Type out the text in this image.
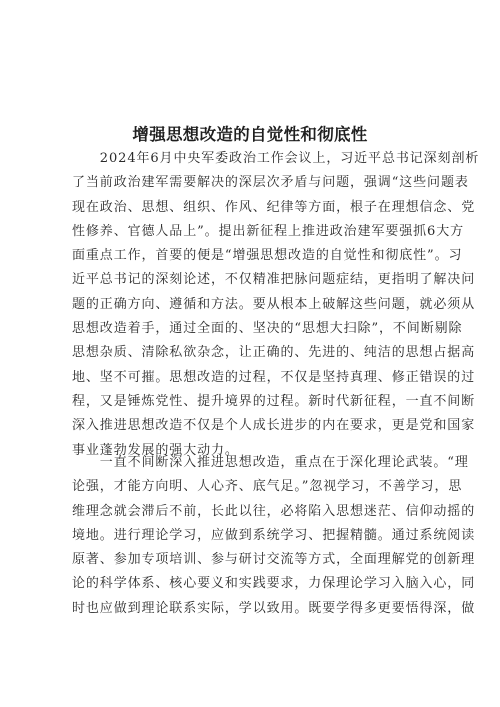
增强思想改造的自觉性和彻底性
　　2024年6月中央军委政治工作会议上，习近平总书记深刻剖析
了当前政治建军需要解决的深层次矛盾与问题，强调“这些问题表
现在政治、思想、组织、作风、纪律等方面，根子在理想信念、党
性修养、官德人品上”。提出新征程上推进政治建军要强抓6大方
面重点工作，首要的便是“增强思想改造的自觉性和彻底性”。习
近平总书记的深刻论述，不仅精准把脉问题症结，更指明了解决问
题的正确方向、遵循和方法。要从根本上破解这些问题，就必须从
思想改造着手，通过全面的、坚决的“思想大扫除”，不间断剔除
思想杂质、清除私欲杂念，让正确的、先进的、纯洁的思想占据高
地、坚不可摧。思想改造的过程，不仅是坚持真理、修正错误的过
程，又是锤炼党性、提升境界的过程。新时代新征程，一直不间断
深入推进思想改造不仅是个人成长进步的内在要求，更是党和国家
事业蓬勃发展的强大动力。
　　一直不间断深入推进思想改造，重点在于深化理论武装。“理
论强，才能方向明、人心齐、底气足。”忽视学习，不善学习，思
维理念就会滞后不前，长此以往，必将陷入思想迷茫、信仰动摇的
境地。进行理论学习，应做到系统学习、把握精髓。通过系统阅读
原著、参加专项培训、参与研讨交流等方式，全面理解党的创新理
论的科学体系、核心要义和实践要求，力保理论学习入脑入心，同
时也应做到理论联系实际，学以致用。既要学得多更要悟得深，做
